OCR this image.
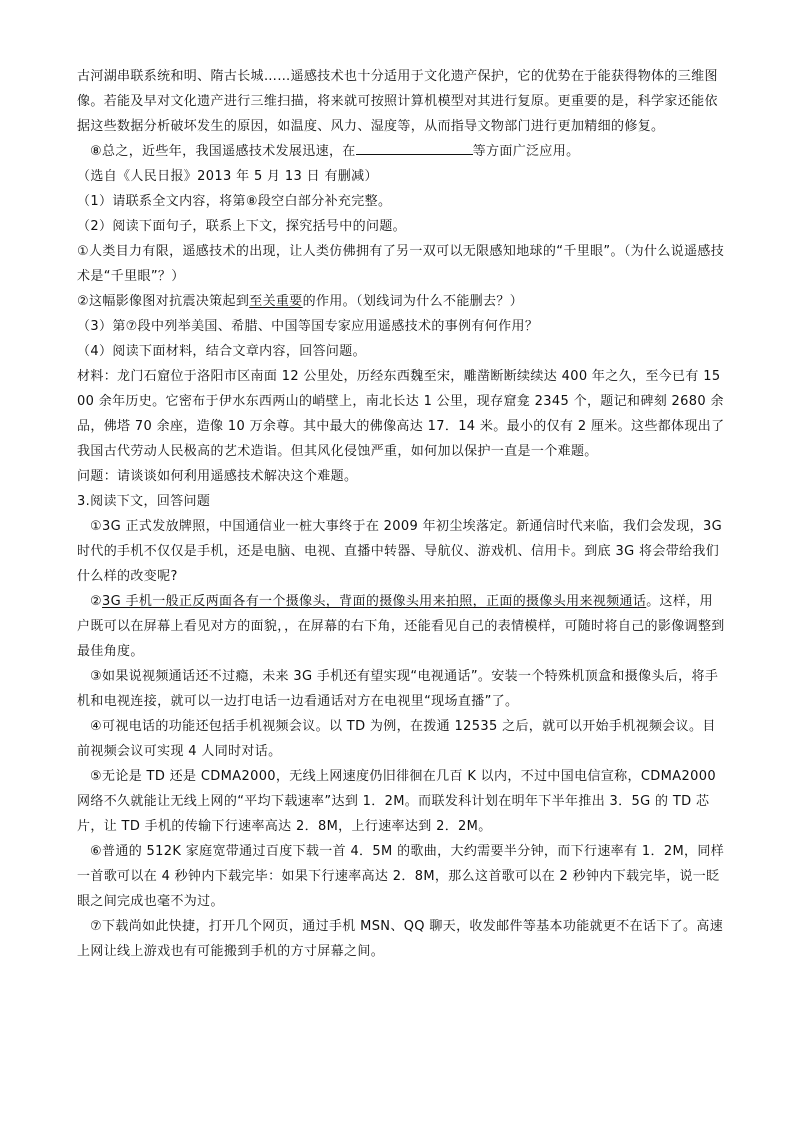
古河湖串联系统和明、隋古长城……遥感技术也十分适用于文化遗产保护，它的优势在于能获得物体的三维图像。若能及早对文化遗产进行三维扫描，将来就可按照计算机模型对其进行复原。更重要的是，科学家还能依据这些数据分析破坏发生的原因，如温度、风力、湿度等，从而指导文物部门进行更加精细的修复。

⑧总之，近些年，我国遥感技术发展迅速，在	等方面广泛应用。

（选自《人民日报》2013 年 5 月 13 日 有删减）

（1）请联系全文内容，将第⑧段空白部分补充完整。

（2）阅读下面句子，联系上下文，探究括号中的问题。

①人类目力有限，遥感技术的出现，让人类仿佛拥有了另一双可以无限感知地球的“千里眼”。（为什么说遥感技术是“千里眼”？）

②这幅影像图对抗震决策起到至关重要的作用。（划线词为什么不能删去？）

（3）第⑦段中列举美国、希腊、中国等国专家应用遥感技术的事例有何作用？

（4）阅读下面材料，结合文章内容，回答问题。

材料：龙门石窟位于洛阳市区南面 12 公里处，历经东西魏至宋，雕凿断断续续达 400 年之久，至今已有 1500 余年历史。它密布于伊水东西两山的峭壁上，南北长达 1 公里，现存窟龛 2345 个，题记和碑刻 2680 余品，佛塔 70 余座，造像 10 万余尊。其中最大的佛像高达 17．14 米。最小的仅有 2 厘米。这些都体现出了我国古代劳动人民极高的艺术造诣。但其风化侵蚀严重，如何加以保护一直是一个难题。

问题：请谈谈如何利用遥感技术解决这个难题。

3.阅读下文，回答问题

①3G 正式发放牌照，中国通信业一桩大事终于在 2009 年初尘埃落定。新通信时代来临，我们会发现，3G 时代的手机不仅仅是手机，还是电脑、电视、直播中转器、导航仪、游戏机、信用卡。到底 3G 将会带给我们什么样的改变呢?

②3G 手机一般正反两面各有一个摄像头，背面的摄像头用来拍照，正面的摄像头用来视频通话。这样，用户既可以在屏幕上看见对方的面貌，，在屏幕的右下角，还能看见自己的表情模样，可随时将自己的影像调整到最佳角度。

③如果说视频通话还不过瘾，未来 3G 手机还有望实现“电视通话”。安装一个特殊机顶盒和摄像头后，将手机和电视连接，就可以一边打电话一边看通话对方在电视里“现场直播”了。

④可视电话的功能还包括手机视频会议。以 TD 为例，在拨通 12535 之后，就可以开始手机视频会议。目前视频会议可实现 4 人同时对话。

⑤无论是 TD 还是 CDMA2000，无线上网速度仍旧徘徊在几百 K 以内，不过中国电信宣称，CDMA2000 网络不久就能让无线上网的“平均下载速率”达到 1．2M。而联发科计划在明年下半年推出 3．5G 的 TD 芯片，让 TD 手机的传输下行速率高达 2．8M，上行速率达到 2．2M。

⑥普通的 512K 家庭宽带通过百度下载一首 4．5M 的歌曲，大约需要半分钟，而下行速率有 1．2M，同样一首歌可以在 4 秒钟内下载完毕：如果下行速率高达 2．8M，那么这首歌可以在 2 秒钟内下载完毕，说一眨眼之间完成也毫不为过。

⑦下载尚如此快捷，打开几个网页，通过手机 MSN、QQ 聊天，收发邮件等基本功能就更不在话下了。高速上网让线上游戏也有可能搬到手机的方寸屏幕之间。
